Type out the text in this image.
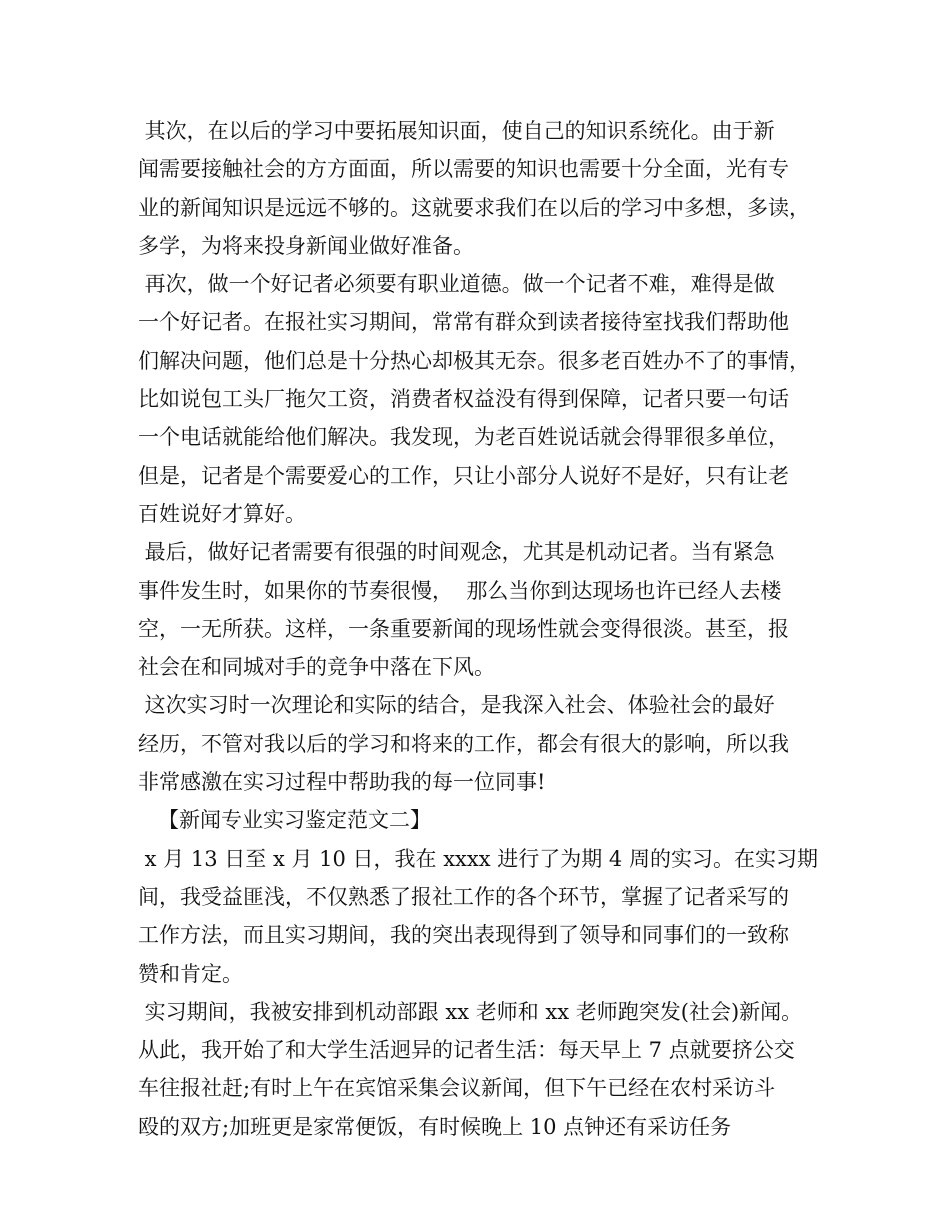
其次，在以后的学习中要拓展知识面，使自己的知识系统化。由于新
闻需要接触社会的方方面面，所以需要的知识也需要十分全面，光有专
业的新闻知识是远远不够的。这就要求我们在以后的学习中多想，多读，
多学，为将来投身新闻业做好准备。
再次，做一个好记者必须要有职业道德。做一个记者不难，难得是做
一个好记者。在报社实习期间，常常有群众到读者接待室找我们帮助他
们解决问题，他们总是十分热心却极其无奈。很多老百姓办不了的事情，
比如说包工头厂拖欠工资，消费者权益没有得到保障，记者只要一句话
一个电话就能给他们解决。我发现，为老百姓说话就会得罪很多单位，
但是，记者是个需要爱心的工作，只让小部分人说好不是好，只有让老
百姓说好才算好。
最后，做好记者需要有很强的时间观念，尤其是机动记者。当有紧急
事件发生时，如果你的节奏很慢，  那么当你到达现场也许已经人去楼
空，一无所获。这样，一条重要新闻的现场性就会变得很淡。甚至，报
社会在和同城对手的竞争中落在下风。
这次实习时一次理论和实际的结合，是我深入社会、体验社会的最好
经历，不管对我以后的学习和将来的工作，都会有很大的影响，所以我
非常感激在实习过程中帮助我的每一位同事!
【新闻专业实习鉴定范文二】
x 月 13 日至 x 月 10 日，我在 xxxx 进行了为期 4 周的实习。在实习期
间，我受益匪浅，不仅熟悉了报社工作的各个环节，掌握了记者采写的
工作方法，而且实习期间，我的突出表现得到了领导和同事们的一致称
赞和肯定。
实习期间，我被安排到机动部跟 xx 老师和 xx 老师跑突发(社会)新闻。
从此，我开始了和大学生活迥异的记者生活：每天早上 7 点就要挤公交
车往报社赶;有时上午在宾馆采集会议新闻，但下午已经在农村采访斗
殴的双方;加班更是家常便饭，有时候晚上 10 点钟还有采访任务
